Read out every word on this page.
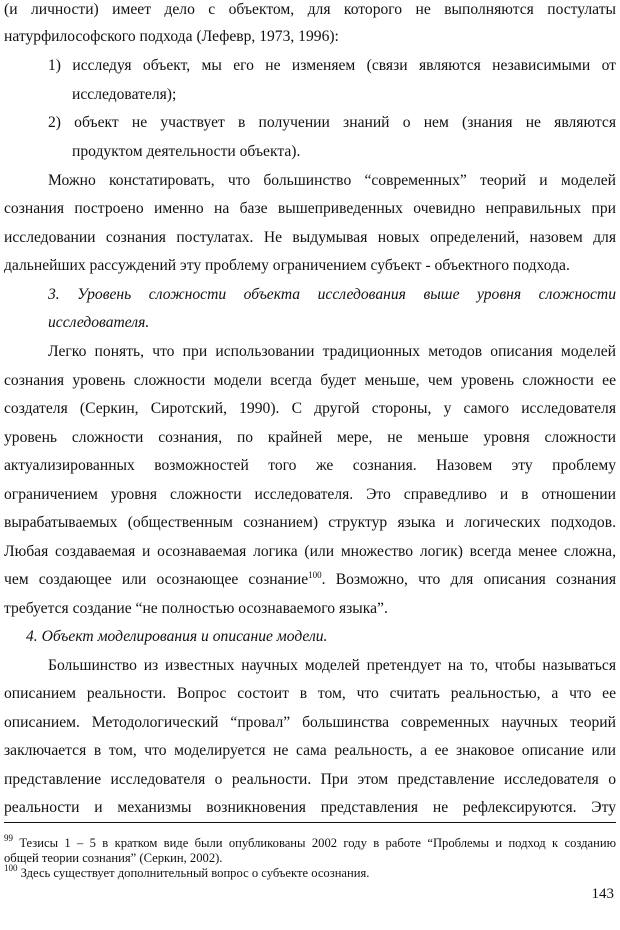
(и личности) имеет дело с объектом, для которого не выполняются постулаты
натурфилософского подхода (Лефевр, 1973, 1996):
1) исследуя объект, мы его не изменяем (связи являются независимыми от
исследователя);
2) объект не участвует в получении знаний о нем (знания не являются
продуктом деятельности объекта).
Можно констатировать, что большинство “современных” теорий и моделей
сознания построено именно на базе вышеприведенных очевидно неправильных при
исследовании сознания постулатах. Не выдумывая новых определений, назовем для
дальнейших рассуждений эту проблему ограничением субъект - объектного подхода.
3. Уровень сложности объекта исследования выше уровня сложности
исследователя.
Легко понять, что при использовании традиционных методов описания моделей
сознания уровень сложности модели всегда будет меньше, чем уровень сложности ее
создателя (Серкин, Сиротский, 1990). С другой стороны, у самого исследователя
уровень сложности сознания, по крайней мере, не меньше уровня сложности
актуализированных возможностей того же сознания. Назовем эту проблему
ограничением уровня сложности исследователя. Это справедливо и в отношении
вырабатываемых (общественным сознанием) структур языка и логических подходов.
Любая создаваемая и осознаваемая логика (или множество логик) всегда менее сложна,
чем создающее или осознающее сознание$^{100}$. Возможно, что для описания сознания
требуется создание “не полностью осознаваемого языка”.
4. Объект моделирования и описание модели.
Большинство из известных научных моделей претендует на то, чтобы называться
описанием реальности. Вопрос состоит в том, что считать реальностью, а что ее
описанием. Методологический “провал” большинства современных научных теорий
заключается в том, что моделируется не сама реальность, а ее знаковое описание или
представление исследователя о реальности. При этом представление исследователя о
реальности и механизмы возникновения представления не рефлексируются. Эту
$^{99}$ Тезисы 1 – 5 в кратком виде были опубликованы 2002 году в работе “Проблемы и подход к созданию
общей теории сознания” (Серкин, 2002).
$^{100}$ Здесь существует дополнительный вопрос о субъекте осознания.
143
